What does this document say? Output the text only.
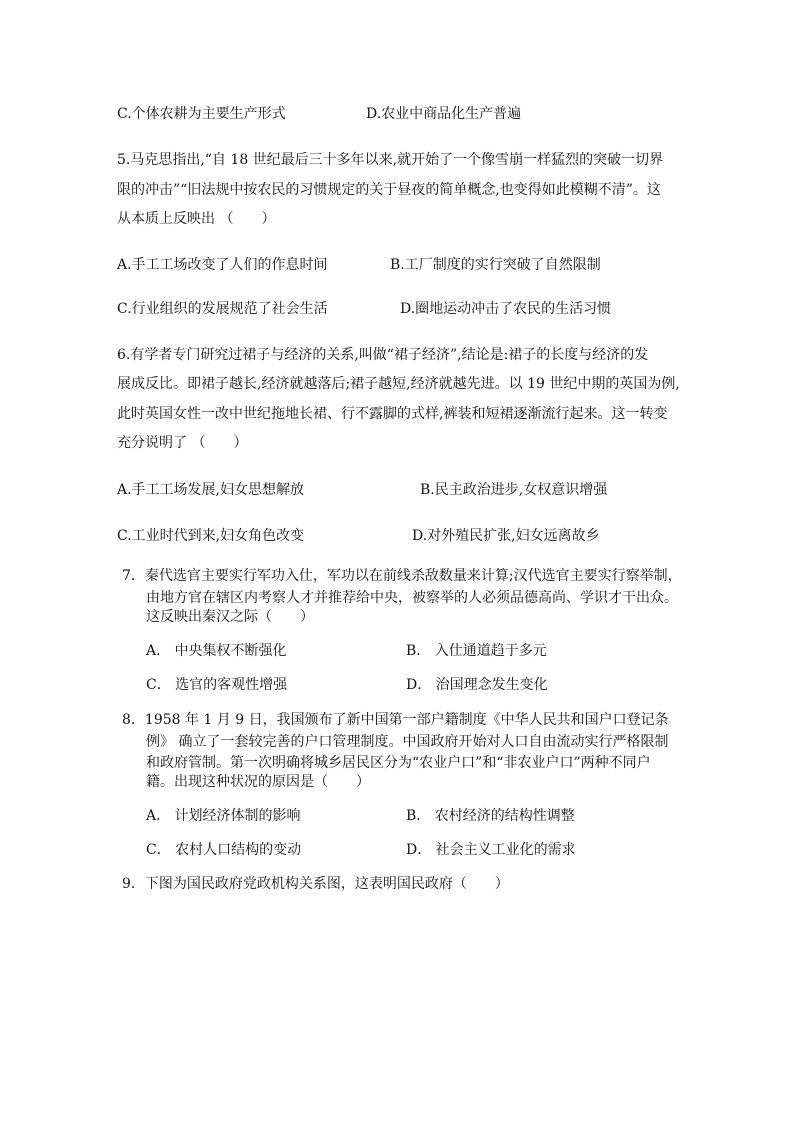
C.个体农耕为主要生产形式	D.农业中商品化生产普遍
5.马克思指出,“自 18 世纪最后三十多年以来,就开始了一个像雪崩一样猛烈的突破一切界
限的冲击”“旧法规中按农民的习惯规定的关于昼夜的简单概念,也变得如此模糊不清”。这
从本质上反映出 （　　）
A.手工工场改变了人们的作息时间	B.工厂制度的实行突破了自然限制
C.行业组织的发展规范了社会生活	D.圈地运动冲击了农民的生活习惯
6.有学者专门研究过裙子与经济的关系,叫做“裙子经济”,结论是:裙子的长度与经济的发
展成反比。即裙子越长,经济就越落后;裙子越短,经济就越先进。以 19 世纪中期的英国为例,
此时英国女性一改中世纪拖地长裙、行不露脚的式样,裤装和短裙逐渐流行起来。这一转变
充分说明了 （　　）
A.手工工场发展,妇女思想解放	B.民主政治进步,女权意识增强
C.工业时代到来,妇女角色改变	D.对外殖民扩张,妇女远离故乡
7．秦代选官主要实行军功入仕，军功以在前线杀敌数量来计算;汉代选官主要实行察举制，
由地方官在辖区内考察人才并推荐给中央，被察举的人必须品德高尚、学识才干出众。
这反映出秦汉之际（　　）
A． 中央集权不断强化	B． 入仕通道趋于多元
C． 选官的客观性增强	D． 治国理念发生变化
8．1958 年 1 月 9 日，我国颁布了新中国第一部户籍制度《中华人民共和国户口登记条
例》 确立了一套较完善的户口管理制度。中国政府开始对人口自由流动实行严格限制
和政府管制。第一次明确将城乡居民区分为“农业户口”和“非农业户口”两种不同户
籍。出现这种状况的原因是（　　）
A． 计划经济体制的影响	B． 农村经济的结构性调整
C． 农村人口结构的变动	D． 社会主义工业化的需求
9．下图为国民政府党政机构关系图，这表明国民政府（　　）
